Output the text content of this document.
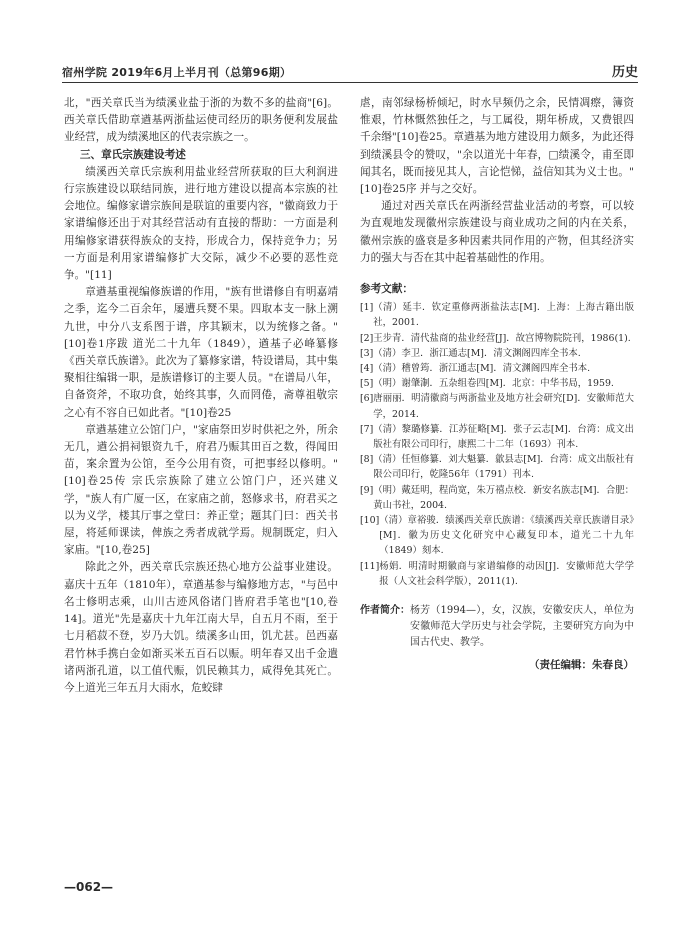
宿州学院 2019年6月上半月刊（总第96期）	历史

北，"西关章氏当为绩溪业盐于浙的为数不多的盐商"[6]。西关章氏借助章遒基两浙盐运使司经历的职务便利发展盐业经营，成为绩溪地区的代表宗族之一。

三、章氏宗族建设考述

绩溪西关章氏宗族利用盐业经营所获取的巨大利润进行宗族建设以联结同族，进行地方建设以提高本宗族的社会地位。编修家谱宗族间是联谊的重要内容，"徽商致力于家谱编修还出于对其经营活动有直接的帮助：一方面是利用编修家谱获得族众的支持，形成合力，保持竞争力；另一方面是利用家谱编修扩大交际，减少不必要的恶性竞争。"[11]

章遒基重视编修族谱的作用，"族有世谱修自有明嘉靖之季，迄今二百余年，屡遭兵燹不果。四取本支一脉上溯九世，中分八支系图于谱，序其颖末，以为统修之备。"[10]卷1序跋 道光二十九年（1849），遒基子必峰纂修《西关章氏族谱》。此次为了纂修家谱，特设谱局，其中集聚相往编辑一职，是族谱修订的主要人员。"在谱局八年，自备资斧，不取功食，始终其事，久而罔倦，斋尊祖敬宗之心有不容自已如此者。"[10]卷25

章遒基建立公馆门户，"家庙祭田岁时供祀之外，所余无几，遒公捐祠银资九千，府君乃赈其田百之数，得闻田苗，案余置为公馆，至今公用有资，可把事经以修明。"[10]卷25传 宗氏宗族除了建立公馆门户，还兴建义学，"族人有广厦一区，在家庙之前，怒修求书，府君买之以为义学，楼其厅事之堂曰：养正堂；题其门曰：西关书屋，将延师课读，俾族之秀者成就学焉。规制既定，归入家庙。"[10,卷25]

除此之外，西关章氏宗族还热心地方公益事业建设。嘉庆十五年（1810年），章遒基参与编修地方志，"与邑中名士修明志乘，山川古迹风俗诸门皆府君手笔也"[10,卷14]。道光"先是嘉庆十九年江南大旱，自五月不雨，至于七月稻菽不登，岁乃大饥。绩溪多山田，饥尤甚。邑西嘉君竹林手携白金如渐买米五百石以赈。明年春又出千金遣诸两浙孔道，以工值代赈，饥民赖其力，咸得免其死亡。今上道光三年五月大雨水，危蛟肆

虐，南邻绿杨桥倾圮，时水早频仍之余，民情凋瘵，簿资惟艰，竹林慨然独任之，与工属役，期年桥成，又费银四千余缗"[10]卷25。章遒基为地方建设用力颇多，为此还得到绩溪县令的赞叹，"余以道光十年春，□绩溪令，甫至即闻其名，既而接见其人，言论恺悌，益信知其为义士也。"[10]卷25序 并与之交好。

通过对西关章氏在两浙经营盐业活动的考察，可以较为直观地发现徽州宗族建设与商业成功之间的内在关系，徽州宗族的盛衰是多种因素共同作用的产物，但其经济实力的强大与否在其中起着基础性的作用。

参考文献：
[1] （清）延丰．钦定重修两浙盐法志[M]．上海：上海古籍出版社，2001.
[2] 王步青．清代盐商的盐业经营[J]．故宫博物院院刊，1986(1).
[3] （清）李卫．浙江通志[M]．清文渊阁四库全书本.
[4] （清）稽曾筠．浙江通志[M]．清文渊阁四库全书本.
[5] （明）谢肇淛．五杂组卷四[M]．北京：中华书局，1959.
[6] 唐丽丽．明清徽商与两浙盐业及地方社会研究[D]．安徽师范大学，2014.
[7] （清）黎璐修纂．江苏征略[M]．张子云志[M]．台湾：成文出版社有限公司印行，康熙二十二年（1693）刊本.
[8] （清）任恒修纂．刘大魁纂．歙县志[M]．台湾：成文出版社有限公司印行，乾隆56年（1791）刊本.
[9] （明）戴廷明，程尚宽，朱万禧点校．新安名族志[M]．合肥：黄山书社，2004.
[10] （清）章裕骏．绩溪西关章氏族谱：《绩溪西关章氏族谱目录》[M]．徽为历史文化研究中心藏复印本，道光二十九年（1849）刻本.
[11] 杨娟．明清时期徽商与家谱编修的动因[J]．安徽师范大学学报（人文社会科学版），2011(1).
作者简介： 杨芳（1994—），女，汉族，安徽安庆人，单位为安徽师范大学历史与社会学院，主要研究方向为中国古代史、教学。
（责任编辑：朱春良）
—062—
